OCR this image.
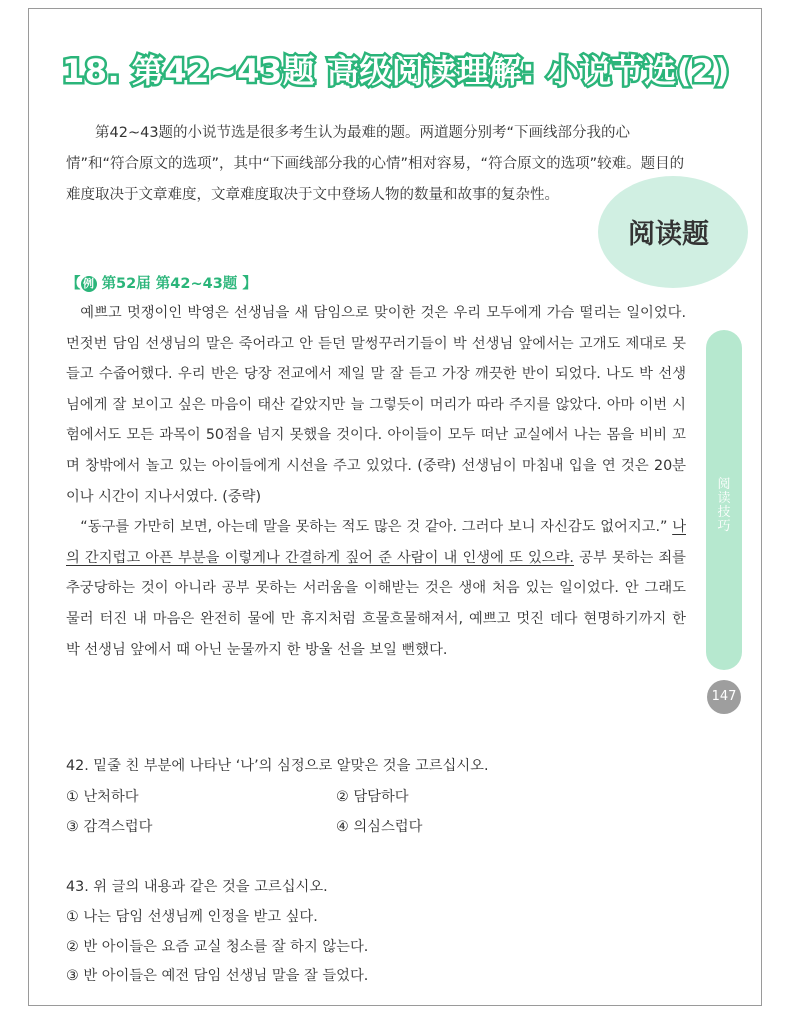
18. 第42~43题 高级阅读理解: 小说节选(2)

第42~43题的小说节选是很多考生认为最难的题。两道题分别考“下画线部分我的心情”和“符合原文的选项”，其中“下画线部分我的心情”相对容易，“符合原文的选项”较难。题目的难度取决于文章难度，文章难度取决于文中登场人物的数量和故事的复杂性。

阅读题
【 例 第52届 第42~43题 】

예쁘고 멋쟁이인 박영은 선생님을 새 담임으로 맞이한 것은 우리 모두에게 가슴 떨리는 일이었다. 먼젓번 담임 선생님의 말은 죽어라고 안 듣던 말썽꾸러기들이 박 선생님 앞에서는 고개도 제대로 못 들고 수줍어했다. 우리 반은 당장 전교에서 제일 말 잘 듣고 가장 깨끗한 반이 되었다. 나도 박 선생님에게 잘 보이고 싶은 마음이 태산 같았지만 늘 그렇듯이 머리가 따라 주지를 않았다. 아마 이번 시험에서도 모든 과목이 50점을 넘지 못했을 것이다. 아이들이 모두 떠난 교실에서 나는 몸을 비비 꼬며 창밖에서 놀고 있는 아이들에게 시선을 주고 있었다. (중략) 선생님이 마침내 입을 연 것은 20분이나 시간이 지나서였다. (중략)

“동구를 가만히 보면, 아는데 말을 못하는 적도 많은 것 같아. 그러다 보니 자신감도 없어지고.” 나의 간지럽고 아픈 부분을 이렇게나 간결하게 짚어 준 사람이 내 인생에 또 있으랴. 공부 못하는 죄를 추궁당하는 것이 아니라 공부 못하는 서러움을 이해받는 것은 생애 처음 있는 일이었다. 안 그래도 물러 터진 내 마음은 완전히 물에 만 휴지처럼 흐물흐물해져서, 예쁘고 멋진 데다 현명하기까지 한 박 선생님 앞에서 때 아닌 눈물까지 한 방울 선을 보일 뻔했다.

阅读技巧
147
42. 밑줄 친 부분에 나타난 ‘나’의 심정으로 알맞은 것을 고르십시오.
① 난처하다	② 담담하다
③ 감격스럽다	④ 의심스럽다
43. 위 글의 내용과 같은 것을 고르십시오.
① 나는 담임 선생님께 인정을 받고 싶다.
② 반 아이들은 요즘 교실 청소를 잘 하지 않는다.
③ 반 아이들은 예전 담임 선생님 말을 잘 들었다.
